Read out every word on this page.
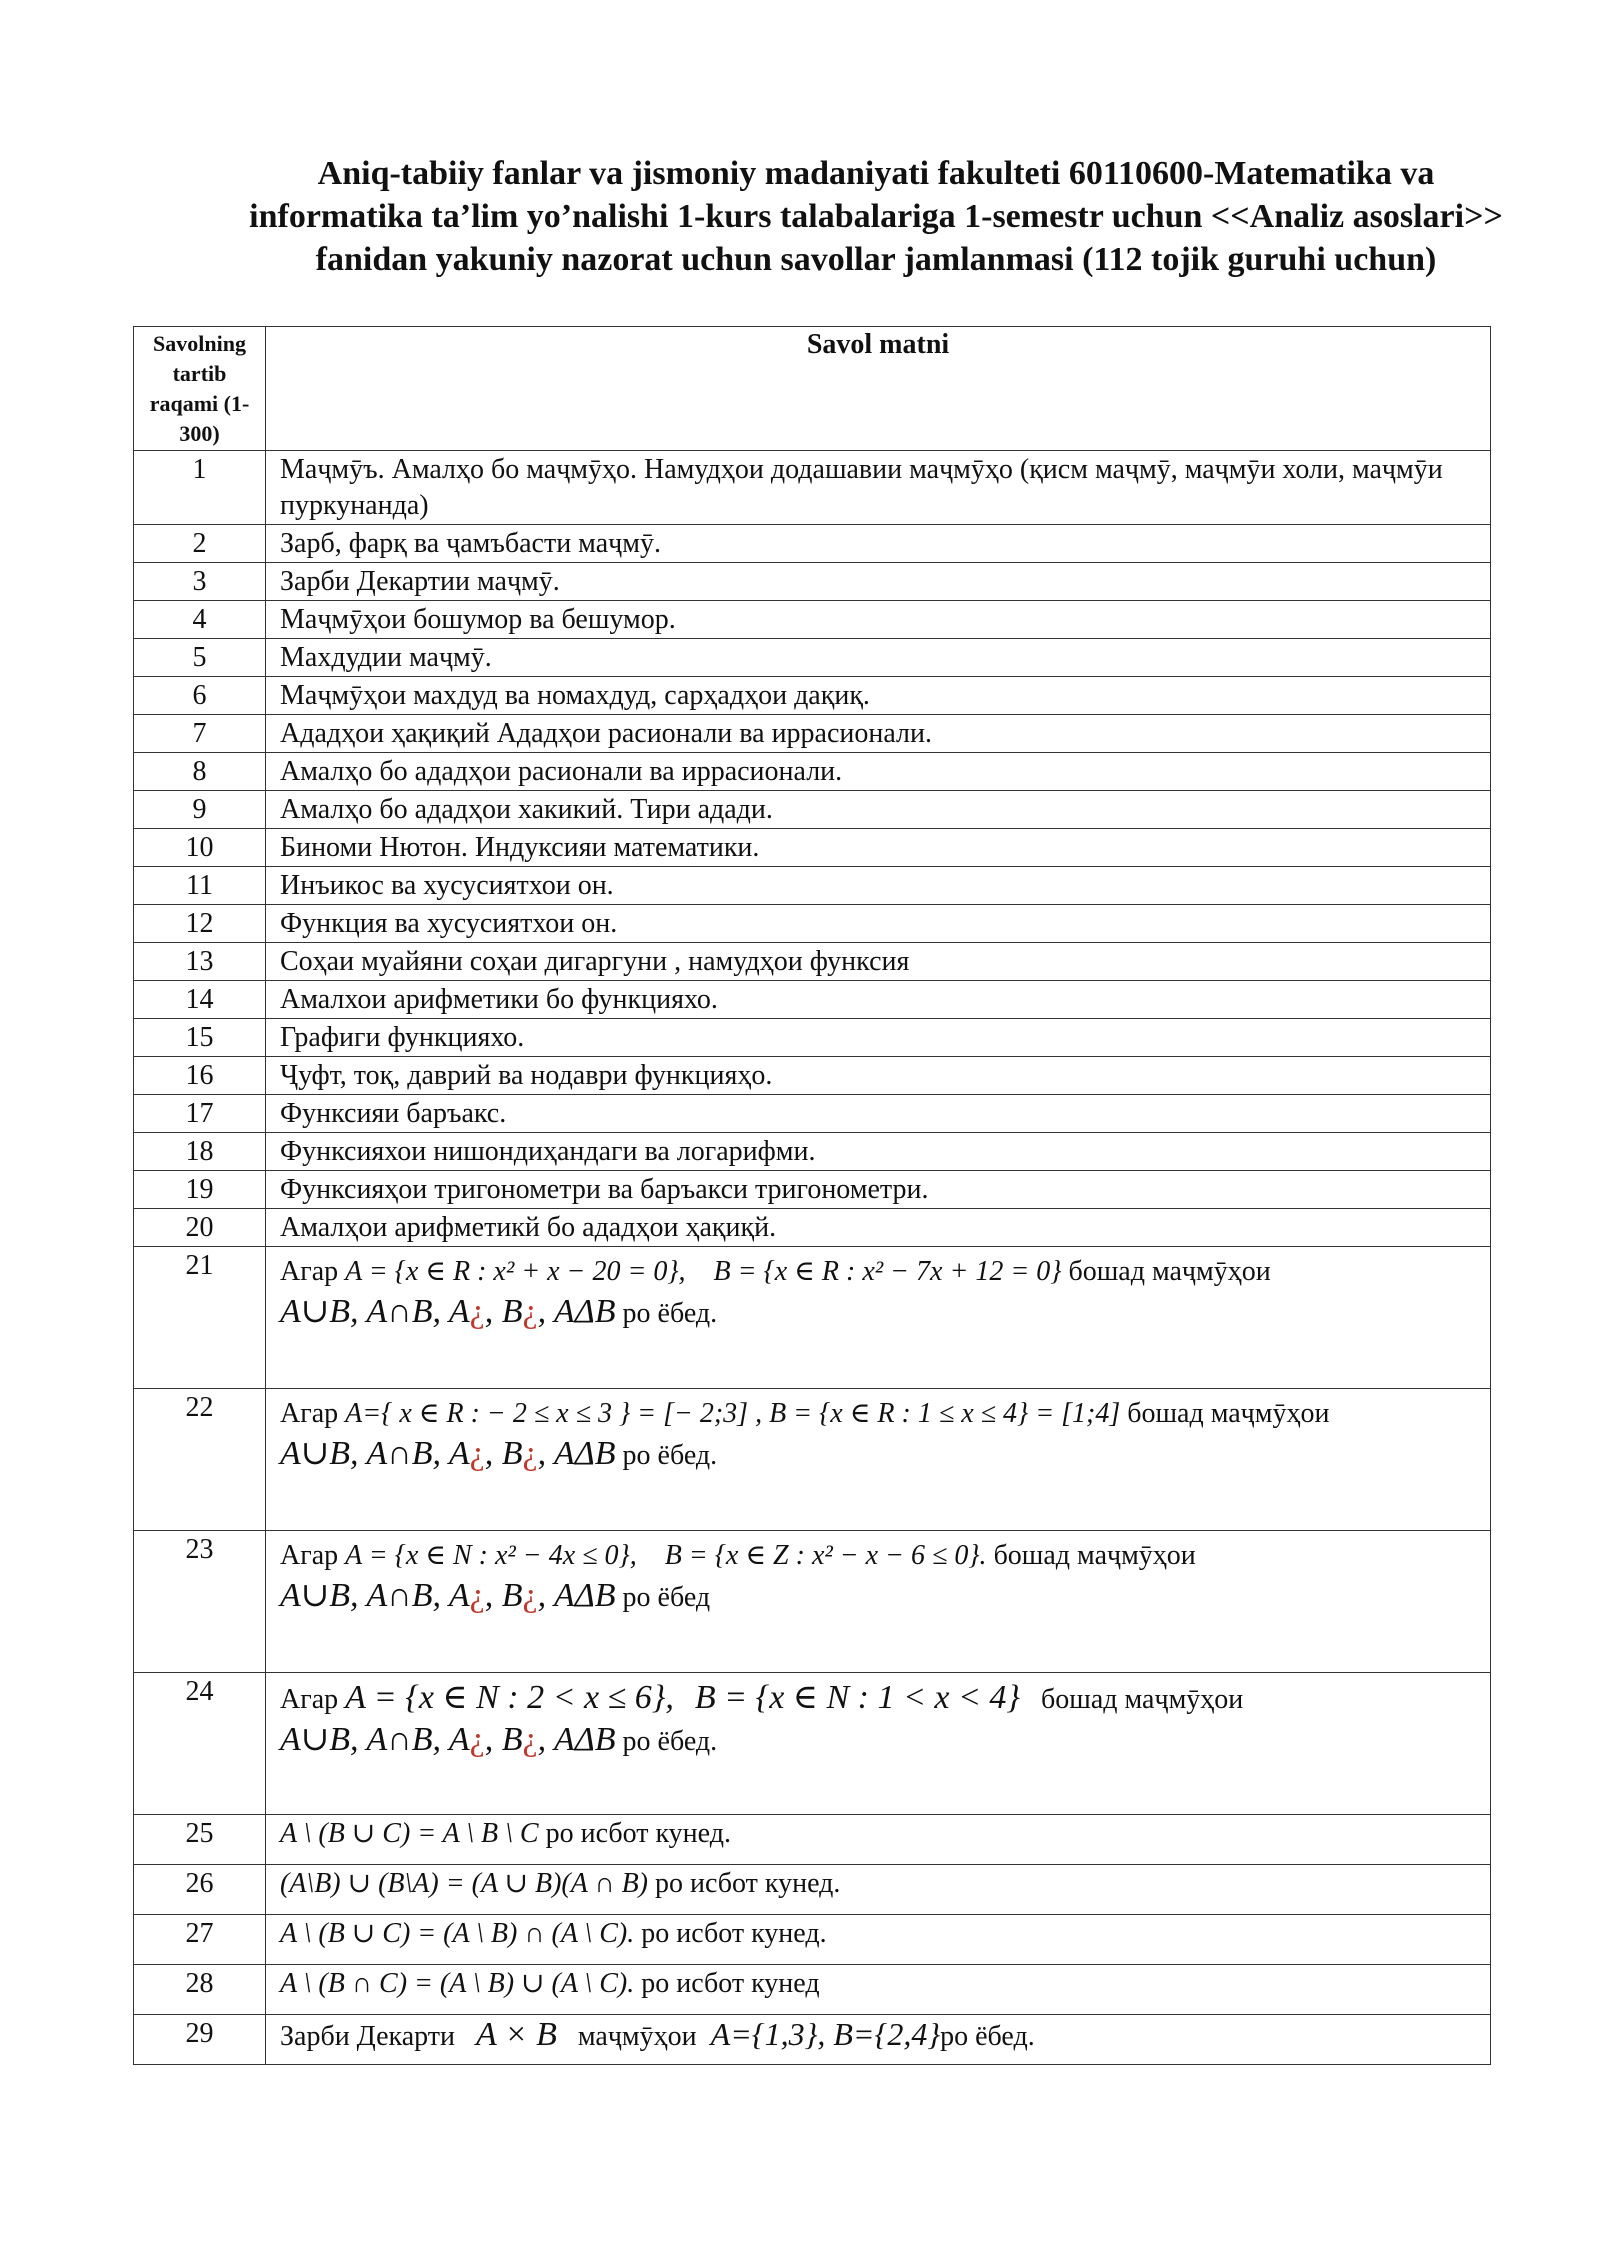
Aniq-tabiiy fanlar va jismoniy madaniyati fakulteti 60110600-Matematika va informatika ta’lim yo’nalishi 1-kurs talabalariga 1-semestr uchun <<Analiz asoslari>> fanidan yakuniy nazorat uchun savollar jamlanmasi (112 tojik guruhi uchun)
Savolning tartib raqami (1-300)	Savol matni
1	Маҷмӯъ. Амалҳо бо маҷмӯҳо. Намудҳои додашавии маҷмӯҳо (қисм маҷмӯ, маҷмӯи холи, маҷмӯи пуркунанда)
2	Зарб, фарқ ва ҷамъбасти маҷмӯ.
3	Зарби Декартии маҷмӯ.
4	Маҷмӯҳои бошумор ва бешумор.
5	Махдудии маҷмӯ.
6	Маҷмӯҳои махдуд ва номахдуд, сарҳадҳои дақиқ.
7	Ададҳои ҳақиқий Ададҳои расионали ва иррасионали.
8	Амалҳо бо ададҳои расионали ва иррасионали.
9	Амалҳо бо ададҳои хакикий. Тири адади.
10	Биноми Нютон. Индуксияи математики.
11	Инъикос ва хусусиятхои он.
12	Функция ва хусусиятхои он.
13	Соҳаи муайяни соҳаи дигаргуни , намудҳои функсия
14	Амалхои арифметики бо функцияхо.
15	Графиги функцияхо.
16	Ҷуфт, тоқ, даврий ва нодаври функцияҳо.
17	Функсияи баръакс.
18	Функсияхои нишондиҳандаги ва логарифми.
19	Функсияҳои тригонометри ва баръакси тригонометри.
20	Амалҳои арифметикй бо ададҳои ҳақиқй.
21	Агар A = {x ∈ R : x² + x − 20 = 0}, B = {x ∈ R : x² − 7x + 12 = 0} бошад маҷмӯҳои
A∪B, A∩B, A¿, B¿, AΔB ро ёбед.

22	Агар A={ x ∈ R : − 2 ≤ x ≤ 3 } = [− 2;3] , B = {x ∈ R : 1 ≤ x ≤ 4} = [1;4] бошад маҷмӯҳои
A∪B, A∩B, A¿, B¿, AΔB ро ёбед.

23	Агар A = {x ∈ N : x² − 4x ≤ 0}, B = {x ∈ Z : x² − x − 6 ≤ 0}. бошад маҷмӯҳои
A∪B, A∩B, A¿, B¿, AΔB ро ёбед

24	Агар A = {x ∈ N : 2 < x ≤ 6}, B = {x ∈ N : 1 < x < 4} бошад маҷмӯҳои
A∪B, A∩B, A¿, B¿, AΔB ро ёбед.

25	A \ (B ∪ C) = A \ B \ C ро исбот кунед.
26	(A\B) ∪ (B\A) = (A ∪ B)(A ∩ B) ро исбот кунед.
27	A \ (B ∪ C) = (A \ B) ∩ (A \ C). ро исбот кунед.
28	A \ (B ∩ C) = (A \ B) ∪ (A \ C). ро исбот кунед
29	Зарби Декарти A × B маҷмӯҳои A={1,3}, B={2,4}ро ёбед.
